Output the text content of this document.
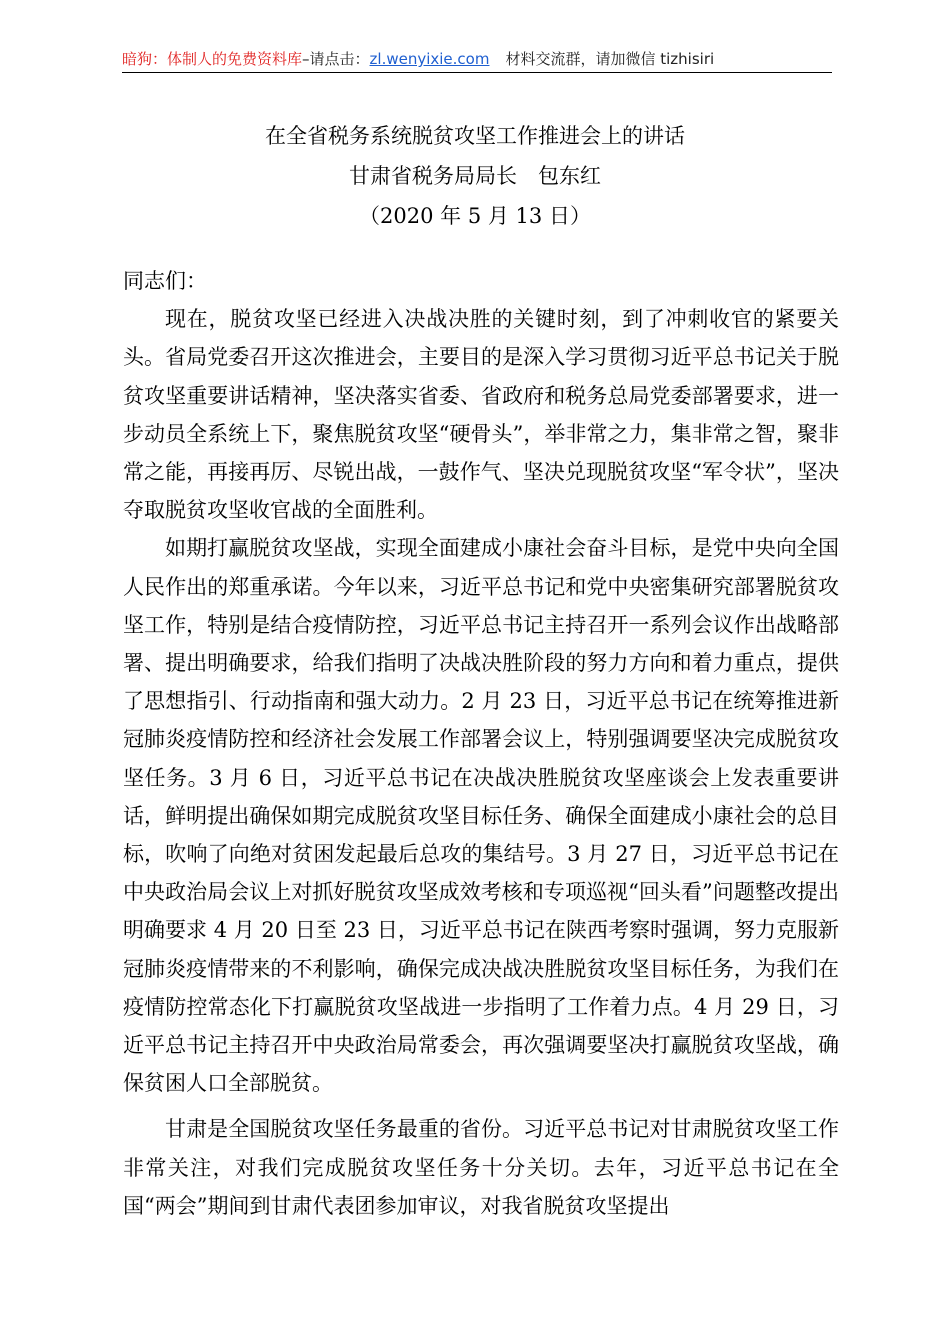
暗狗：体制人的免费资料库–请点击：zl.wenyixie.com 材料交流群，请加微信 tizhisiri
在全省税务系统脱贫攻坚工作推进会上的讲话
甘肃省税务局局长　包东红
（2020 年 5 月 13 日）

同志们：

现在，脱贫攻坚已经进入决战决胜的关键时刻，到了冲刺收官的紧要关头。省局党委召开这次推进会，主要目的是深入学习贯彻习近平总书记关于脱贫攻坚重要讲话精神，坚决落实省委、省政府和税务总局党委部署要求，进一步动员全系统上下，聚焦脱贫攻坚“硬骨头”，举非常之力，集非常之智，聚非常之能，再接再厉、尽锐出战，一鼓作气、坚决兑现脱贫攻坚“军令状”，坚决夺取脱贫攻坚收官战的全面胜利。

如期打赢脱贫攻坚战，实现全面建成小康社会奋斗目标，是党中央向全国人民作出的郑重承诺。今年以来，习近平总书记和党中央密集研究部署脱贫攻坚工作，特别是结合疫情防控，习近平总书记主持召开一系列会议作出战略部署、提出明确要求，给我们指明了决战决胜阶段的努力方向和着力重点，提供了思想指引、行动指南和强大动力。2 月 23 日，习近平总书记在统筹推进新冠肺炎疫情防控和经济社会发展工作部署会议上，特别强调要坚决完成脱贫攻坚任务。3 月 6 日，习近平总书记在决战决胜脱贫攻坚座谈会上发表重要讲话，鲜明提出确保如期完成脱贫攻坚目标任务、确保全面建成小康社会的总目标，吹响了向绝对贫困发起最后总攻的集结号。3 月 27 日，习近平总书记在中央政治局会议上对抓好脱贫攻坚成效考核和专项巡视“回头看”问题整改提出明确要求 4 月 20 日至 23 日，习近平总书记在陕西考察时强调，努力克服新冠肺炎疫情带来的不利影响，确保完成决战决胜脱贫攻坚目标任务，为我们在疫情防控常态化下打赢脱贫攻坚战进一步指明了工作着力点。4 月 29 日，习近平总书记主持召开中央政治局常委会，再次强调要坚决打赢脱贫攻坚战，确保贫困人口全部脱贫。

甘肃是全国脱贫攻坚任务最重的省份。习近平总书记对甘肃脱贫攻坚工作非常关注，对我们完成脱贫攻坚任务十分关切。去年，习近平总书记在全国“两会”期间到甘肃代表团参加审议，对我省脱贫攻坚提出
